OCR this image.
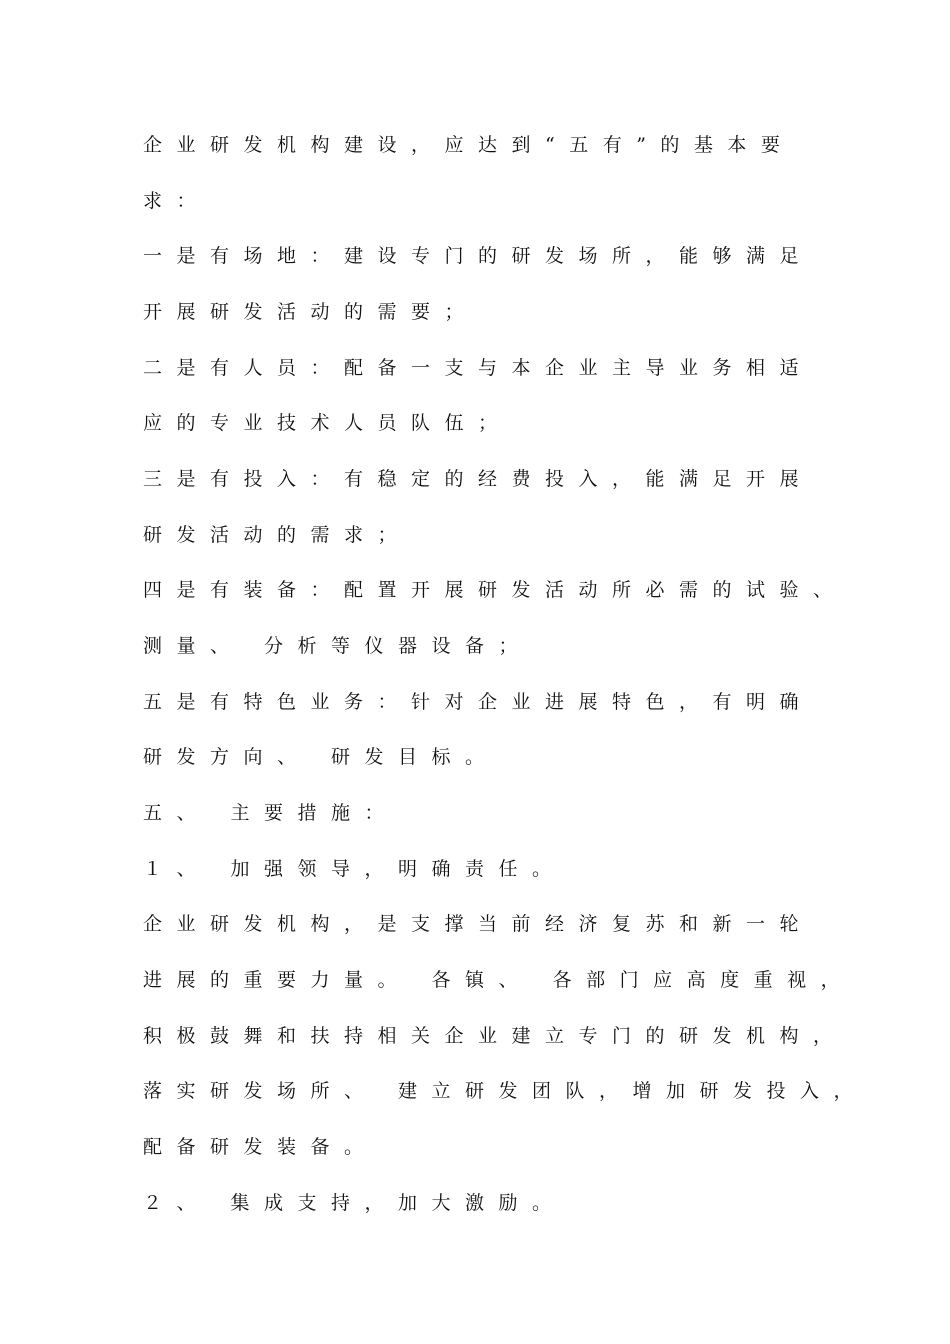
企业研发机构建设，应达到“五有”的基本要
求：
一是有场地：建设专门的研发场所，能够满足
开展研发活动的需要；
二是有人员：配备一支与本企业主导业务相适
应的专业技术人员队伍；
三是有投入：有稳定的经费投入，能满足开展
研发活动的需求；
四是有装备：配置开展研发活动所必需的试验、
测量、 分析等仪器设备；
五是有特色业务：针对企业进展特色，有明确
研发方向、 研发目标。
五、 主要措施：
１、 加强领导，明确责任。
企业研发机构，是支撑当前经济复苏和新一轮
进展的重要力量。 各镇、 各部门应高度重视，
积极鼓舞和扶持相关企业建立专门的研发机构，
落实研发场所、 建立研发团队，增加研发投入，
配备研发装备。
２、 集成支持，加大激励。
